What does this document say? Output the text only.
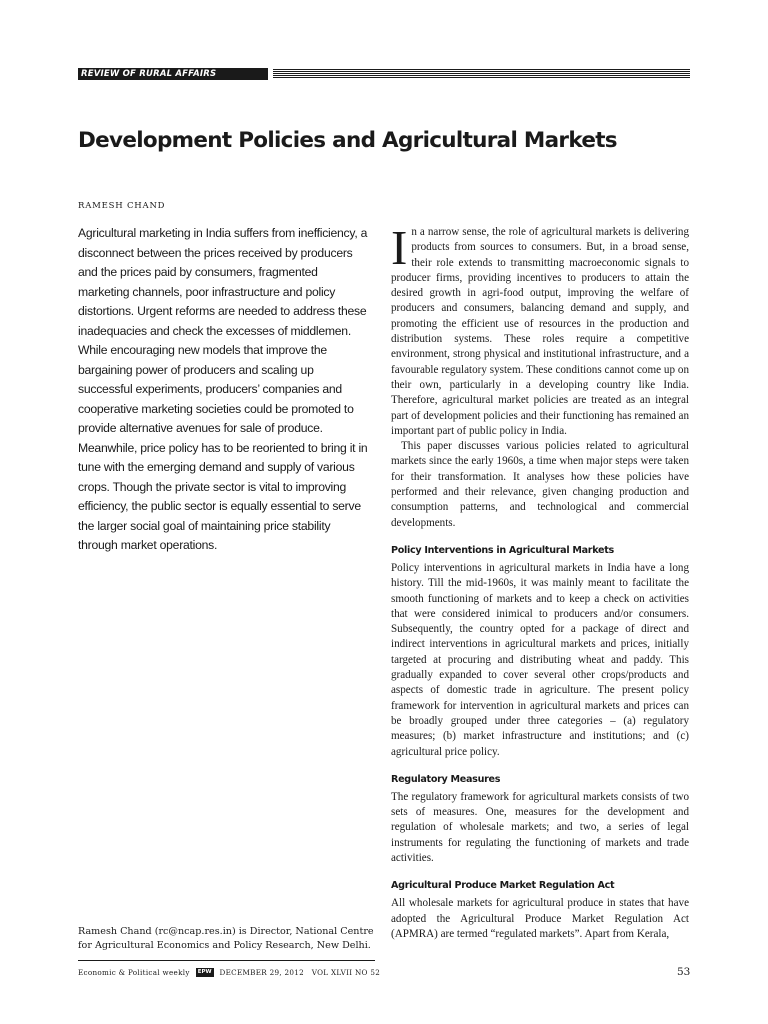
REVIEW OF RURAL AFFAIRS
Development Policies and Agricultural Markets
RAMESH CHAND

Agricultural marketing in India suffers from inefficiency, a disconnect between the prices received by producers and the prices paid by consumers, fragmented marketing channels, poor infrastructure and policy distortions. Urgent reforms are needed to address these inadequacies and check the excesses of middlemen. While encouraging new models that improve the bargaining power of producers and scaling up successful experiments, producers’ companies and cooperative marketing societies could be promoted to provide alternative avenues for sale of produce. Meanwhile, price policy has to be reoriented to bring it in tune with the emerging demand and supply of various crops. Though the private sector is vital to improving efficiency, the public sector is equally essential to serve the larger social goal of maintaining price stability through market operations.

Ramesh Chand (rc@ncap.res.in) is Director, National Centre for Agricultural Economics and Policy Research, New Delhi.

In a narrow sense, the role of agricultural markets is delivering products from sources to consumers. But, in a broad sense, their role extends to transmitting macroeconomic signals to producer firms, providing incentives to producers to attain the desired growth in agri-food output, improving the welfare of producers and consumers, balancing demand and supply, and promoting the efficient use of resources in the production and distribution systems. These roles require a competitive environment, strong physical and institutional infrastructure, and a favourable regulatory system. These conditions cannot come up on their own, particularly in a developing country like India. Therefore, agricultural market policies are treated as an integral part of development policies and their functioning has remained an important part of public policy in India.

This paper discusses various policies related to agricultural markets since the early 1960s, a time when major steps were taken for their transformation. It analyses how these policies have performed and their relevance, given changing production and consumption patterns, and technological and commercial developments.

Policy Interventions in Agricultural Markets

Policy interventions in agricultural markets in India have a long history. Till the mid-1960s, it was mainly meant to facilitate the smooth functioning of markets and to keep a check on activities that were considered inimical to producers and/or consumers. Subsequently, the country opted for a package of direct and indirect interventions in agricultural markets and prices, initially targeted at procuring and distributing wheat and paddy. This gradually expanded to cover several other crops/products and aspects of domestic trade in agriculture. The present policy framework for intervention in agricultural markets and prices can be broadly grouped under three categories – (a) regulatory measures; (b) market infrastructure and institutions; and (c) agricultural price policy.

Regulatory Measures

The regulatory framework for agricultural markets consists of two sets of measures. One, measures for the development and regulation of wholesale markets; and two, a series of legal instruments for regulating the functioning of markets and trade activities.

Agricultural Produce Market Regulation Act

All wholesale markets for agricultural produce in states that have adopted the Agricultural Produce Market Regulation Act (APMRA) are termed “regulated markets”. Apart from Kerala,

Economic & Political weekly	EPW DECEMBER 29, 2012   VOL XLVII NO 52	53
